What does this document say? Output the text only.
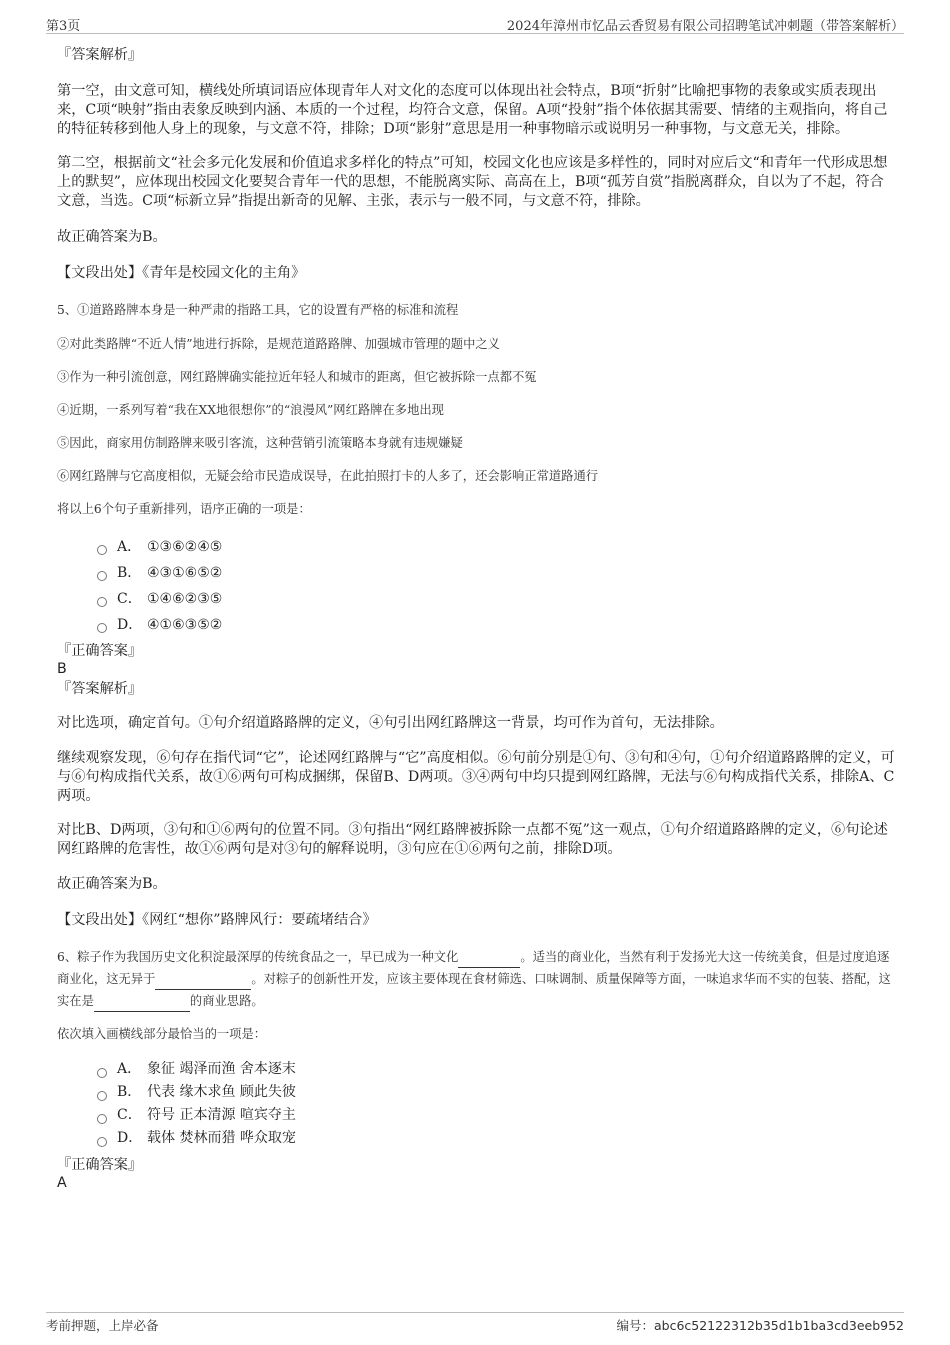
第3页	2024年漳州市忆品云香贸易有限公司招聘笔试冲刺题（带答案解析）

『答案解析』

第一空，由文意可知，横线处所填词语应体现青年人对文化的态度可以体现出社会特点，B项“折射”比喻把事物的表象或实质表现出来，C项“映射”指由表象反映到内涵、本质的一个过程，均符合文意，保留。A项“投射”指个体依据其需要、情绪的主观指向，将自己的特征转移到他人身上的现象，与文意不符，排除；D项“影射”意思是用一种事物暗示或说明另一种事物，与文意无关，排除。

第二空，根据前文“社会多元化发展和价值追求多样化的特点”可知，校园文化也应该是多样性的，同时对应后文“和青年一代形成思想上的默契”，应体现出校园文化要契合青年一代的思想，不能脱离实际、高高在上，B项“孤芳自赏”指脱离群众，自以为了不起，符合文意，当选。C项“标新立异”指提出新奇的见解、主张，表示与一般不同，与文意不符，排除。

故正确答案为B。

【文段出处】《青年是校园文化的主角》

5、①道路路牌本身是一种严肃的指路工具，它的设置有严格的标准和流程

②对此类路牌“不近人情”地进行拆除，是规范道路路牌、加强城市管理的题中之义

③作为一种引流创意，网红路牌确实能拉近年轻人和城市的距离，但它被拆除一点都不冤

④近期，一系列写着“我在XX地很想你”的“浪漫风”网红路牌在多地出现

⑤因此，商家用仿制路牌来吸引客流，这种营销引流策略本身就有违规嫌疑

⑥网红路牌与它高度相似，无疑会给市民造成误导，在此拍照打卡的人多了，还会影响正常道路通行

将以上6个句子重新排列，语序正确的一项是：

A． ①③⑥②④⑤
B． ④③①⑥⑤②
C． ①④⑥②③⑤
D． ④①⑥③⑤②

『正确答案』

B

『答案解析』

对比选项，确定首句。①句介绍道路路牌的定义，④句引出网红路牌这一背景，均可作为首句，无法排除。

继续观察发现，⑥句存在指代词“它”，论述网红路牌与“它”高度相似。⑥句前分别是①句、③句和④句，①句介绍道路路牌的定义，可与⑥句构成指代关系，故①⑥两句可构成捆绑，保留B、D两项。③④两句中均只提到网红路牌，无法与⑥句构成指代关系，排除A、C两项。

对比B、D两项，③句和①⑥两句的位置不同。③句指出“网红路牌被拆除一点都不冤”这一观点，①句介绍道路路牌的定义，⑥句论述网红路牌的危害性，故①⑥两句是对③句的解释说明，③句应在①⑥两句之前，排除D项。

故正确答案为B。

【文段出处】《网红“想你”路牌风行：要疏堵结合》

6、粽子作为我国历史文化积淀最深厚的传统食品之一，早已成为一种文化	。适当的商业化，当然有利于发扬光大这一传统美食，但是过度追逐商业化，这无异于	。对粽子的创新性开发，应该主要体现在食材筛选、口味调制、质量保障等方面，一味追求华而不实的包装、搭配，这实在是	的商业思路。

依次填入画横线部分最恰当的一项是：

A． 象征 竭泽而渔 舍本逐末
B． 代表 缘木求鱼 顾此失彼
C． 符号 正本清源 喧宾夺主
D． 载体 焚林而猎 哗众取宠

『正确答案』

A

考前押题，上岸必备	编号：abc6c52122312b35d1b1ba3cd3eeb952
